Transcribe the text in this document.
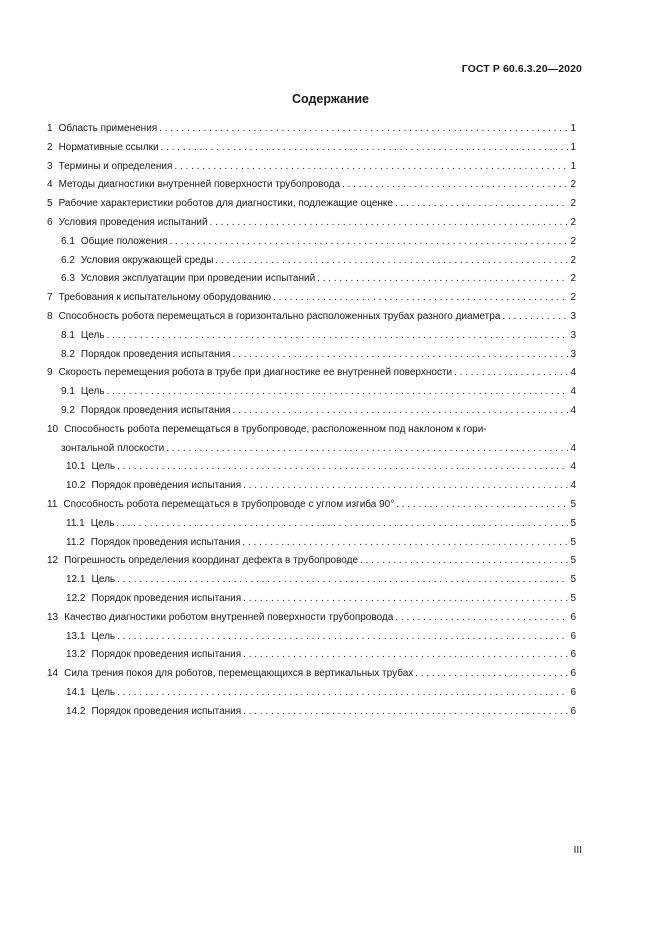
ГОСТ Р 60.6.3.20—2020
Содержание
1 Область применения . . .	1
2 Нормативные ссылки . . .	1
3 Термины и определения . . .	1
4 Методы диагностики внутренней поверхности трубопровода . . .	2
5 Рабочие характеристики роботов для диагностики, подлежащие оценке . . .	2
6 Условия проведения испытаний . . .	2
6.1 Общие положения . . .	2
6.2 Условия окружающей среды . . .	2
6.3 Условия эксплуатации при проведении испытаний . . .	2
7 Требования к испытательному оборудованию . . .	2
8 Способность робота перемещаться в горизонтально расположенных трубах разного диаметра . . .	3
8.1 Цель . . .	3
8.2 Порядок проведения испытания . . .	3
9 Скорость перемещения робота в трубе при диагностике ее внутренней поверхности . . .	4
9.1 Цель . . .	4
9.2 Порядок проведения испытания . . .	4
10 Способность робота перемещаться в трубопроводе, расположенном под наклоном к гори-
зонтальной плоскости . . .	4
10.1 Цель . . .	4
10.2 Порядок проведения испытания . . .	4
11 Способность робота перемещаться в трубопроводе с углом изгиба 90° . . .	5
11.1 Цель . . .	5
11.2 Порядок проведения испытания . . .	5
12 Погрешность определения координат дефекта в трубопроводе . . .	5
12.1 Цель . . .	5
12.2 Порядок проведения испытания . . .	5
13 Качество диагностики роботом внутренней поверхности трубопровода . . .	6
13.1 Цель . . .	6
13.2 Порядок проведения испытания . . .	6
14 Сила трения покоя для роботов, перемещающихся в вертикальных трубах . . .	6
14.1 Цель . . .	6
14.2 Порядок проведения испытания . . .	6
III
